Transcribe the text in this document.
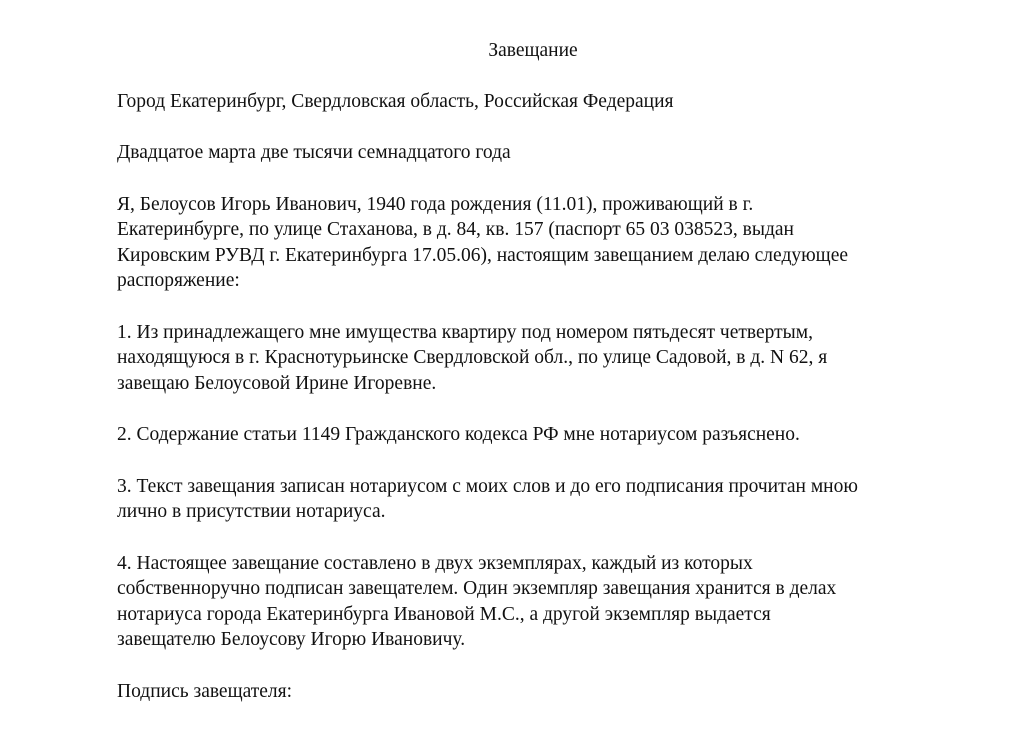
Завещание
Город Екатеринбург, Свердловская область, Российская Федерация
Двадцатое марта две тысячи семнадцатого года
Я, Белоусов Игорь Иванович, 1940 года рождения (11.01), проживающий в г.
Екатеринбурге, по улице Стаханова, в д. 84, кв. 157 (паспорт 65 03 038523, выдан
Кировским РУВД г. Екатеринбурга 17.05.06), настоящим завещанием делаю следующее
распоряжение:
1. Из принадлежащего мне имущества квартиру под номером пятьдесят четвертым,
находящуюся в г. Краснотурьинске Свердловской обл., по улице Садовой, в д. N 62, я
завещаю Белоусовой Ирине Игоревне.
2. Содержание статьи 1149 Гражданского кодекса РФ мне нотариусом разъяснено.
3. Текст завещания записан нотариусом с моих слов и до его подписания прочитан мною
лично в присутствии нотариуса.
4. Настоящее завещание составлено в двух экземплярах, каждый из которых
собственноручно подписан завещателем. Один экземпляр завещания хранится в делах
нотариуса города Екатеринбурга Ивановой М.С., а другой экземпляр выдается
завещателю Белоусову Игорю Ивановичу.
Подпись завещателя:
